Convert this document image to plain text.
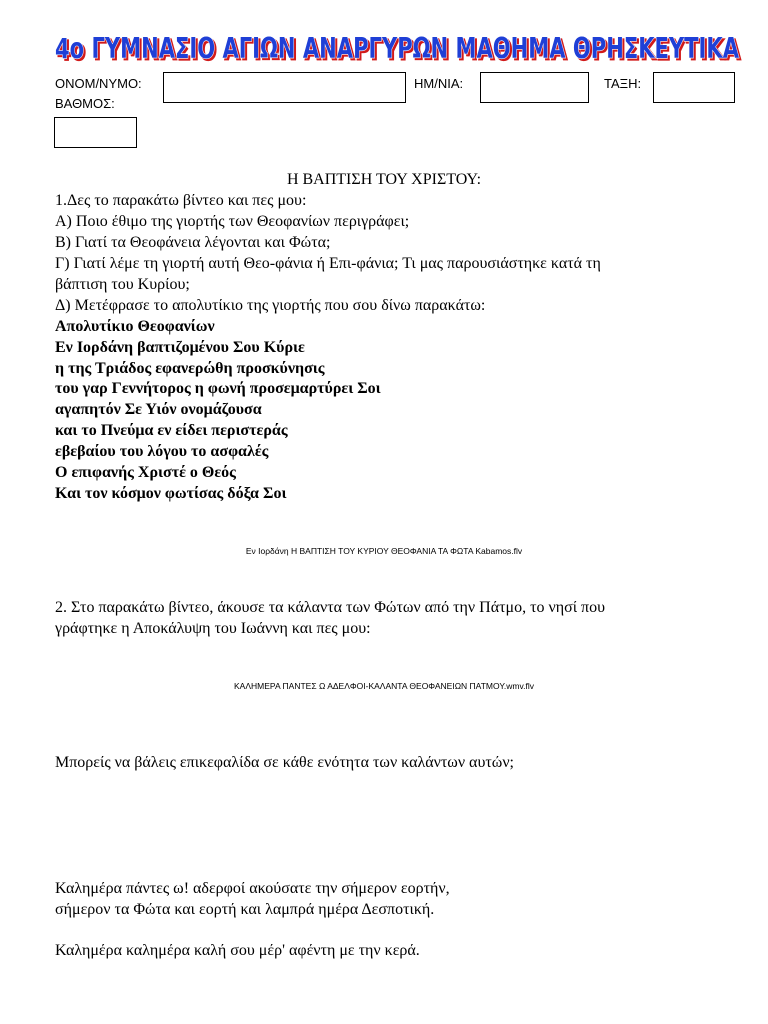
4ο ΓΥΜΝΑΣΙΟ ΑΓΙΩΝ ΑΝΑΡΓΥΡΩΝ ΜΑΘΗΜΑ ΘΡΗΣΚΕΥΤΙΚΑ
ΟΝΟΜ/ΝΥΜΟ:	ΗΜ/ΝΙΑ:	ΤΑΞΗ:
ΒΑΘΜΟΣ:
Η ΒΑΠΤΙΣΗ ΤΟΥ ΧΡΙΣΤΟΥ:
1.Δες το παρακάτω βίντεο και πες μου:
Α) Ποιο έθιμο της γιορτής των Θεοφανίων περιγράφει;
Β) Γιατί τα Θεοφάνεια λέγονται και Φώτα;
Γ) Γιατί λέμε τη γιορτή αυτή Θεο-φάνια ή Επι-φάνια; Τι μας παρουσιάστηκε κατά τη
βάπτιση του Κυρίου;
Δ) Μετέφρασε το απολυτίκιο της γιορτής που σου δίνω παρακάτω:
Απολυτίκιο Θεοφανίων
Εν Ιορδάνη βαπτιζομένου Σου Κύριε
η της Τριάδος εφανερώθη προσκύνησις
του γαρ Γεννήτορος η φωνή προσεμαρτύρει Σοι
αγαπητόν Σε Υιόν ονομάζουσα
και το Πνεύμα εν είδει περιστεράς
εβεβαίου του λόγου το ασφαλές
Ο επιφανής Χριστέ ο Θεός
Και τον κόσμον φωτίσας δόξα Σοι
Εν Ιορδάνη Η ΒΑΠΤΙΣΗ ΤΟΥ ΚΥΡΙΟΥ ΘΕΟΦΑΝΙΑ ΤΑ ΦΩΤΑ Kabamos.flv
2. Στο παρακάτω βίντεο, άκουσε τα κάλαντα των Φώτων από την Πάτμο, το νησί που
γράφτηκε η Αποκάλυψη του Ιωάννη και πες μου:
ΚΑΛΗΜΕΡΑ ΠΑΝΤΕΣ Ω ΑΔΕΛΦΟΙ-ΚΑΛΑΝΤΑ ΘΕΟΦΑΝΕΙΩΝ ΠΑΤΜΟΥ.wmv.flv
Μπορείς να βάλεις επικεφαλίδα σε κάθε ενότητα των καλάντων αυτών;
Καλημέρα πάντες ω! αδερφοί ακούσατε την σήμερον εορτήν,
σήμερον τα Φώτα και εορτή και λαμπρά ημέρα Δεσποτική.
Καλημέρα καλημέρα καλή σου μέρ' αφέντη με την κερά.
